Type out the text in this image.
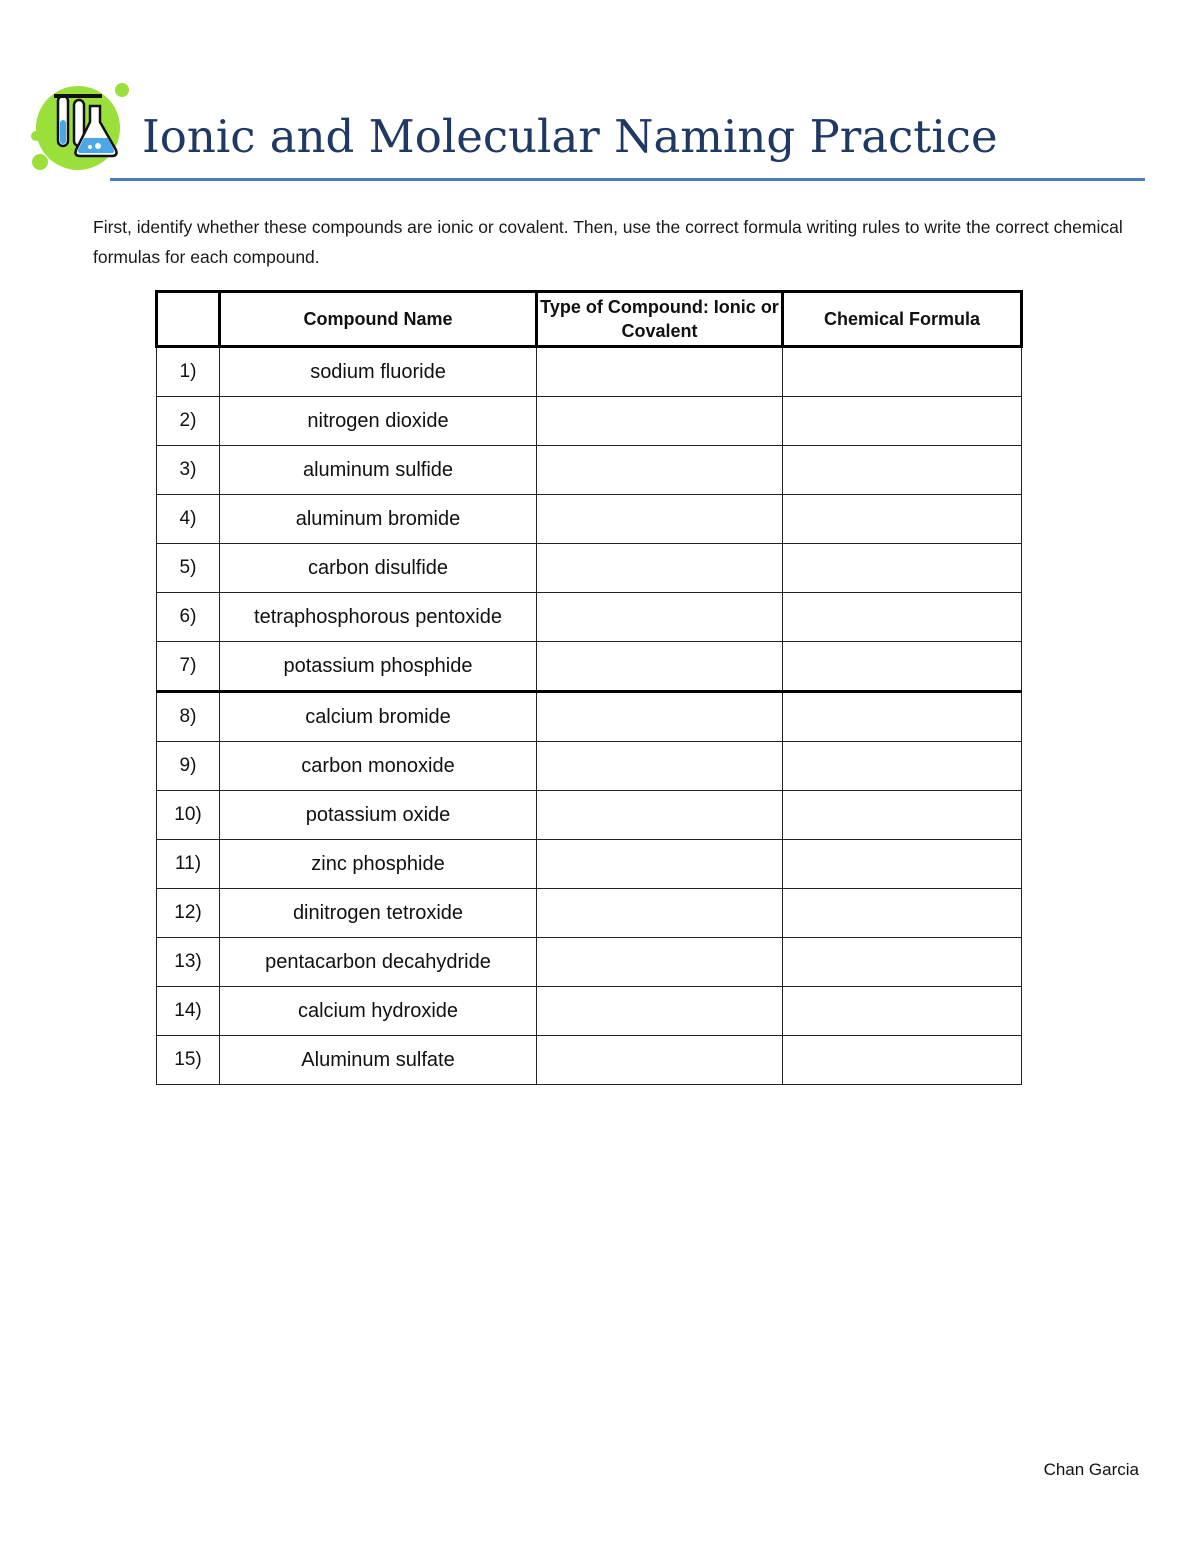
Ionic and Molecular Naming Practice
First, identify whether these compounds are ionic or covalent. Then, use the correct formula writing rules to write the correct chemical formulas for each compound.
	Compound Name	Type of Compound: Ionic or Covalent	Chemical Formula
1)	sodium fluoride		
2)	nitrogen dioxide		
3)	aluminum sulfide		
4)	aluminum bromide		
5)	carbon disulfide		
6)	tetraphosphorous pentoxide		
7)	potassium phosphide		
8)	calcium bromide		
9)	carbon monoxide		
10)	potassium oxide		
11)	zinc phosphide		
12)	dinitrogen tetroxide		
13)	pentacarbon decahydride		
14)	calcium hydroxide		
15)	Aluminum sulfate		
Chan Garcia
